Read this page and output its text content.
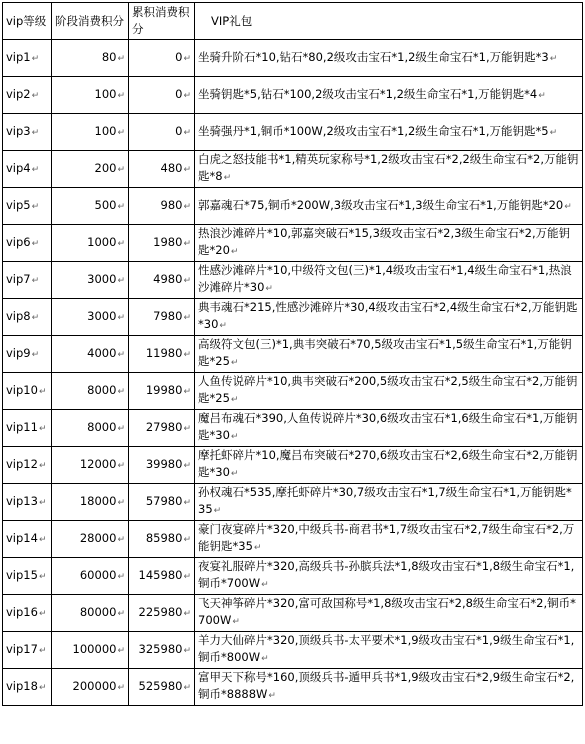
vip等级	阶段消费积分	累积消费积分	VIP礼包
vip1↵	80↵	0↵	坐骑升阶石*10,钻石*80,2级攻击宝石*1,2级生命宝石*1,万能钥匙*3↵
vip2↵	100↵	0↵	坐骑钥匙*5,钻石*100,2级攻击宝石*1,2级生命宝石*1,万能钥匙*4↵
vip3↵	100↵	0↵	坐骑强丹*1,铜币*100W,2级攻击宝石*1,2级生命宝石*1,万能钥匙*5↵
vip4↵	200↵	480↵	白虎之怒技能书*1,精英玩家称号*1,2级攻击宝石*2,2级生命宝石*2,万能钥匙*8↵
vip5↵	500↵	980↵	郭嘉魂石*75,铜币*200W,3级攻击宝石*1,3级生命宝石*1,万能钥匙*20↵
vip6↵	1000↵	1980↵	热浪沙滩碎片*10,郭嘉突破石*15,3级攻击宝石*2,3级生命宝石*2,万能钥匙*20↵
vip7↵	3000↵	4980↵	性感沙滩碎片*10,中级符文包(三)*1,4级攻击宝石*1,4级生命宝石*1,热浪沙滩碎片*30↵
vip8↵	3000↵	7980↵	典韦魂石*215,性感沙滩碎片*30,4级攻击宝石*2,4级生命宝石*2,万能钥匙*30↵
vip9↵	4000↵	11980↵	高级符文包(三)*1,典韦突破石*70,5级攻击宝石*1,5级生命宝石*1,万能钥匙*25↵
vip10↵	8000↵	19980↵	人鱼传说碎片*10,典韦突破石*200,5级攻击宝石*2,5级生命宝石*2,万能钥匙*25↵
vip11↵	8000↵	27980↵	魔吕布魂石*390,人鱼传说碎片*30,6级攻击宝石*1,6级生命宝石*1,万能钥匙*30↵
vip12↵	12000↵	39980↵	摩托虾碎片*10,魔吕布突破石*270,6级攻击宝石*2,6级生命宝石*2,万能钥匙*30↵
vip13↵	18000↵	57980↵	孙权魂石*535,摩托虾碎片*30,7级攻击宝石*1,7级生命宝石*1,万能钥匙*35↵
vip14↵	28000↵	85980↵	豪门夜宴碎片*320,中级兵书-商君书*1,7级攻击宝石*2,7级生命宝石*2,万能钥匙*35↵
vip15↵	60000↵	145980↵	夜宴礼服碎片*320,高级兵书-孙膑兵法*1,8级攻击宝石*1,8级生命宝石*1,铜币*700W↵
vip16↵	80000↵	225980↵	飞天神筝碎片*320,富可敌国称号*1,8级攻击宝石*2,8级生命宝石*2,铜币*700W↵
vip17↵	100000↵	325980↵	羊力大仙碎片*320,顶级兵书-太平要术*1,9级攻击宝石*1,9级生命宝石*1,铜币*800W↵
vip18↵	200000↵	525980↵	富甲天下称号*160,顶级兵书-遁甲兵书*1,9级攻击宝石*2,9级生命宝石*2,铜币*8888W↵
